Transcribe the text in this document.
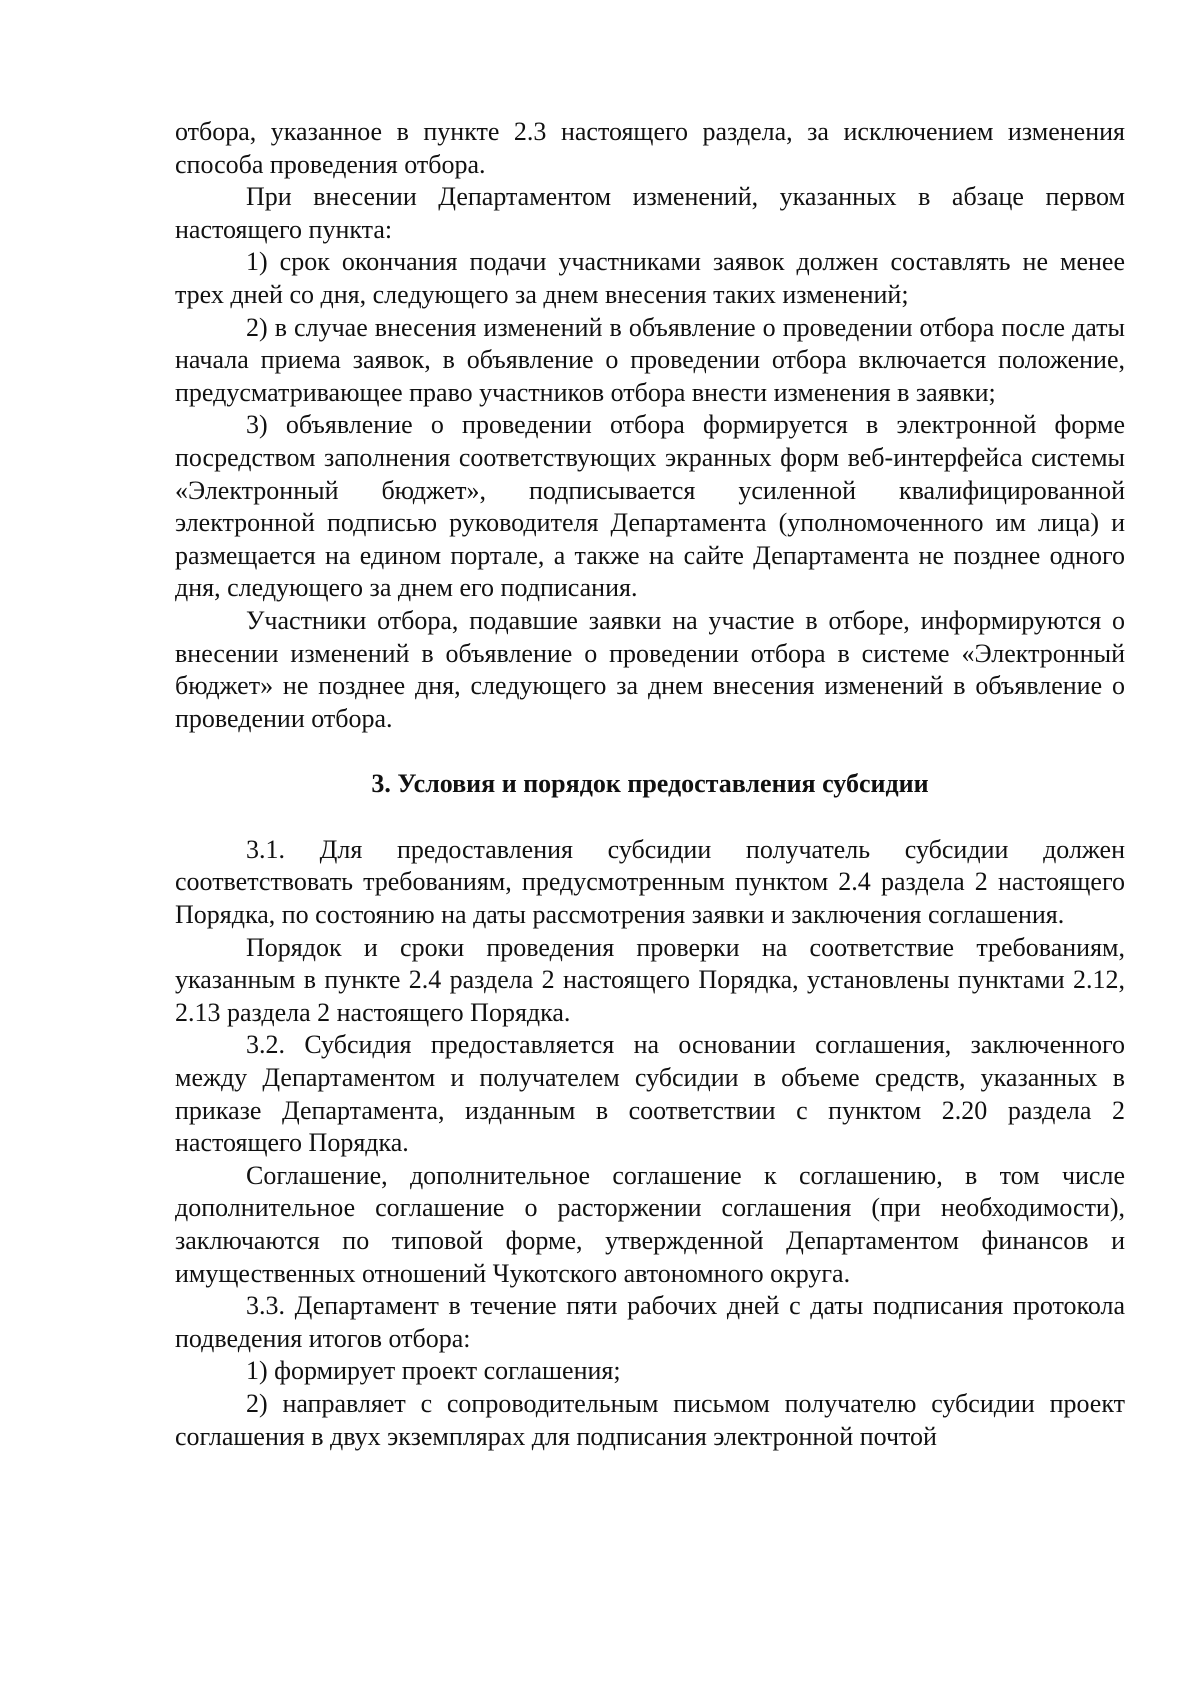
отбора, указанное в пункте 2.3 настоящего раздела, за исключением изменения способа проведения отбора.

При внесении Департаментом изменений, указанных в абзаце первом настоящего пункта:

1) срок окончания подачи участниками заявок должен составлять не менее трех дней со дня, следующего за днем внесения таких изменений;

2) в случае внесения изменений в объявление о проведении отбора после даты начала приема заявок, в объявление о проведении отбора включается положение, предусматривающее право участников отбора внести изменения в заявки;

3) объявление о проведении отбора формируется в электронной форме посредством заполнения соответствующих экранных форм веб-интерфейса системы «Электронный бюджет», подписывается усиленной квалифицированной электронной подписью руководителя Департамента (уполномоченного им лица) и размещается на едином портале, а также на сайте Департамента не позднее одного дня, следующего за днем его подписания.

Участники отбора, подавшие заявки на участие в отборе, информируются о внесении изменений в объявление о проведении отбора в системе «Электронный бюджет» не позднее дня, следующего за днем внесения изменений в объявление о проведении отбора.

3. Условия и порядок предоставления субсидии

3.1. Для предоставления субсидии получатель субсидии должен соответствовать требованиям, предусмотренным пунктом 2.4 раздела 2 настоящего Порядка, по состоянию на даты рассмотрения заявки и заключения соглашения.

Порядок и сроки проведения проверки на соответствие требованиям, указанным в пункте 2.4 раздела 2 настоящего Порядка, установлены пунктами 2.12, 2.13 раздела 2 настоящего Порядка.

3.2. Субсидия предоставляется на основании соглашения, заключенного между Департаментом и получателем субсидии в объеме средств, указанных в приказе Департамента, изданным в соответствии с пунктом 2.20 раздела 2 настоящего Порядка.

Соглашение, дополнительное соглашение к соглашению, в том числе дополнительное соглашение о расторжении соглашения (при необходимости), заключаются по типовой форме, утвержденной Департаментом финансов и имущественных отношений Чукотского автономного округа.

3.3. Департамент в течение пяти рабочих дней с даты подписания протокола подведения итогов отбора:

1) формирует проект соглашения;

2) направляет с сопроводительным письмом получателю субсидии проект соглашения в двух экземплярах для подписания электронной почтой
